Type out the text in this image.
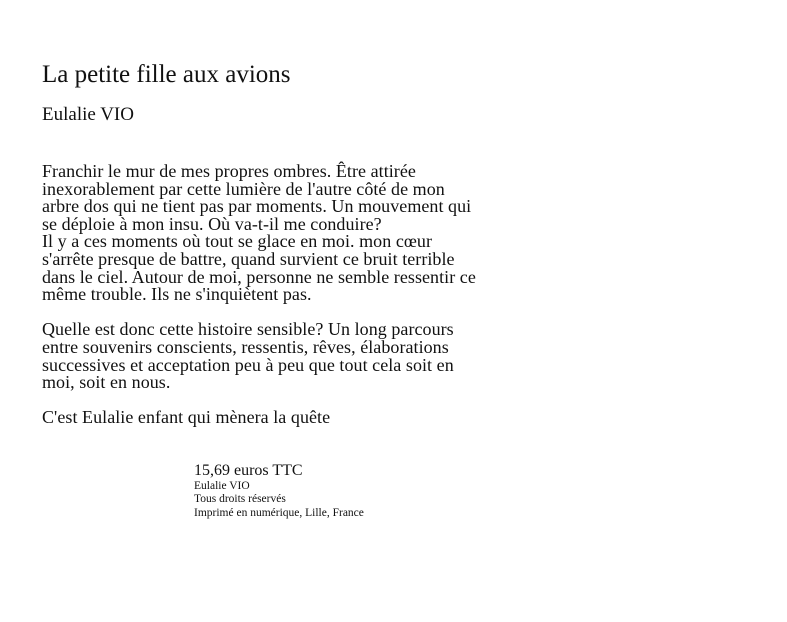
La petite fille aux avions
Eulalie VIO
Franchir le mur de mes propres ombres. Être attirée
inexorablement par cette lumière de l'autre côté de mon
arbre dos qui ne tient pas par moments. Un mouvement qui
se déploie à mon insu. Où va-t-il me conduire?
Il y a ces moments où tout se glace en moi. mon cœur
s'arrête presque de battre, quand survient ce bruit terrible
dans le ciel. Autour de moi, personne ne semble ressentir ce
même trouble. Ils ne s'inquiètent pas.
Quelle est donc cette histoire sensible? Un long parcours
entre souvenirs conscients, ressentis, rêves, élaborations
successives et acceptation peu à peu que tout cela soit en
moi, soit en nous.
C'est Eulalie enfant qui mènera la quête
15,69 euros TTC
Eulalie VIO
Tous droits réservés
Imprimé en numérique, Lille, France
